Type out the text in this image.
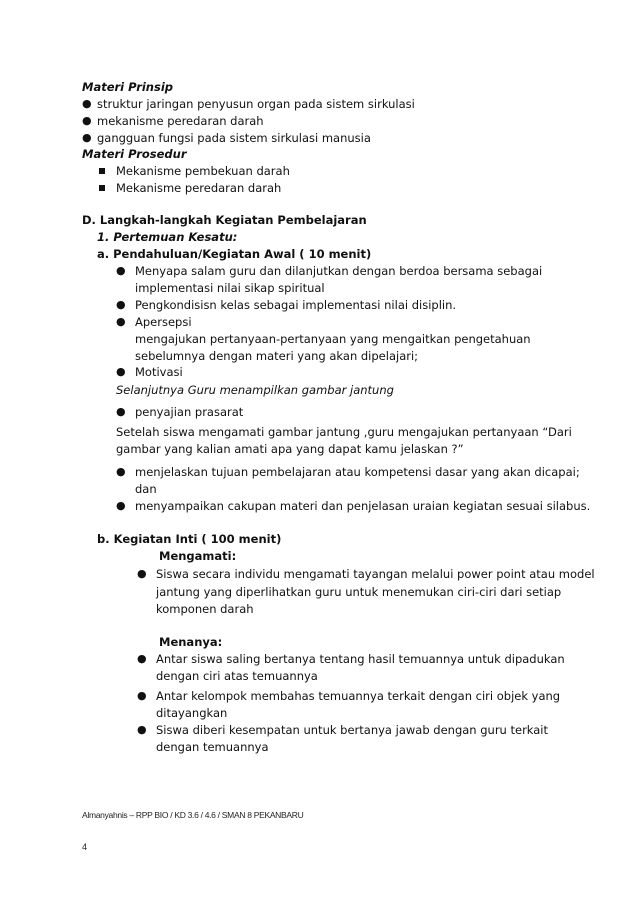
Materi Prinsip
● struktur jaringan penyusun organ pada sistem sirkulasi
● mekanisme peredaran darah
● gangguan fungsi pada sistem sirkulasi manusia
Materi Prosedur
Mekanisme pembekuan darah
Mekanisme peredaran darah
D. Langkah-langkah Kegiatan Pembelajaran
1. Pertemuan Kesatu:
a. Pendahuluan/Kegiatan Awal ( 10 menit)
● Menyapa salam guru dan dilanjutkan dengan berdoa bersama sebagai
implementasi nilai sikap spiritual
● Pengkondisisn kelas sebagai implementasi nilai disiplin.
● Apersepsi
mengajukan pertanyaan-pertanyaan yang mengaitkan pengetahuan
sebelumnya dengan materi yang akan dipelajari;
● Motivasi
Selanjutnya Guru menampilkan gambar jantung
● penyajian prasarat
Setelah siswa mengamati gambar jantung ,guru mengajukan pertanyaan “Dari
gambar yang kalian amati apa yang dapat kamu jelaskan ?”
● menjelaskan tujuan pembelajaran atau kompetensi dasar yang akan dicapai;
dan
● menyampaikan cakupan materi dan penjelasan uraian kegiatan sesuai silabus.
b. Kegiatan Inti ( 100 menit)
Mengamati:
● Siswa secara individu mengamati tayangan melalui power point atau model
jantung yang diperlihatkan guru untuk menemukan ciri-ciri dari setiap
komponen darah
Menanya:
● Antar siswa saling bertanya tentang hasil temuannya untuk dipadukan
dengan ciri atas temuannya
● Antar kelompok membahas temuannya terkait dengan ciri objek yang
ditayangkan
● Siswa diberi kesempatan untuk bertanya jawab dengan guru terkait
dengan temuannya
Almanyahnis – RPP BIO / KD 3.6 / 4.6 / SMAN 8 PEKANBARU
4
